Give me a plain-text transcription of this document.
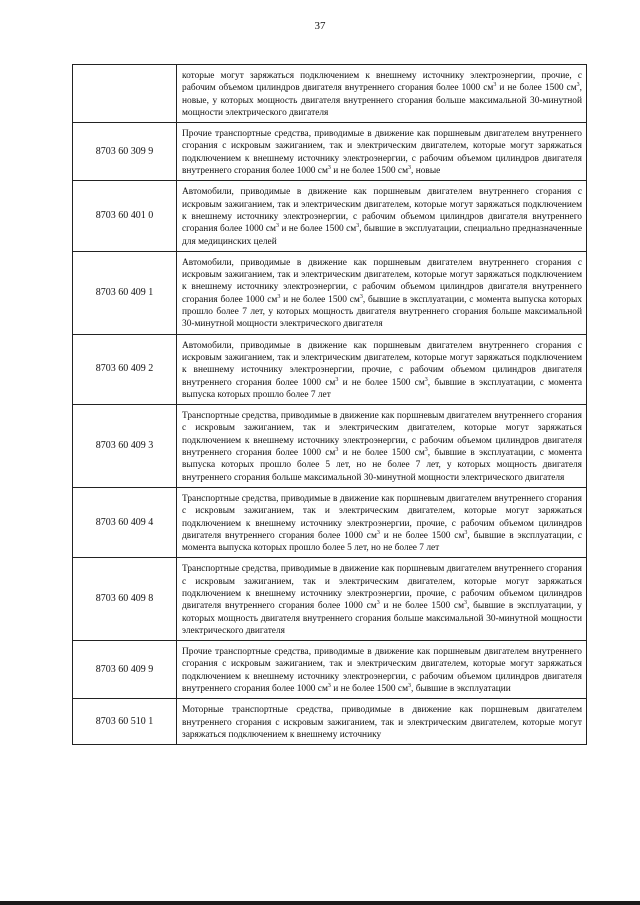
37
	которые могут заряжаться подключением к внешнему источнику электроэнергии, прочие, с рабочим объемом цилиндров двигателя внутреннего сгорания более 1000 $см^3$ и не более 1500 $см^3$, новые, у которых мощность двигателя внутреннего сгорания больше максимальной 30-минутной мощности электрического двигателя
8703 60 309 9	Прочие транспортные средства, приводимые в движение как поршневым двигателем внутреннего сгорания с искровым зажиганием, так и электрическим двигателем, которые могут заряжаться подключением к внешнему источнику электроэнергии, с рабочим объемом цилиндров двигателя внутреннего сгорания более 1000 $см^3$ и не более 1500 $см^3$, новые
8703 60 401 0	Автомобили, приводимые в движение как поршневым двигателем внутреннего сгорания с искровым зажиганием, так и электрическим двигателем, которые могут заряжаться подключением к внешнему источнику электроэнергии, с рабочим объемом цилиндров двигателя внутреннего сгорания более 1000 $см^3$ и не более 1500 $см^3$, бывшие в эксплуатации, специально предназначенные для медицинских целей
8703 60 409 1	Автомобили, приводимые в движение как поршневым двигателем внутреннего сгорания с искровым зажиганием, так и электрическим двигателем, которые могут заряжаться подключением к внешнему источнику электроэнергии, с рабочим объемом цилиндров двигателя внутреннего сгорания более 1000 $см^3$ и не более 1500 $см^3$, бывшие в эксплуатации, с момента выпуска которых прошло более 7 лет, у которых мощность двигателя внутреннего сгорания больше максимальной 30-минутной мощности электрического двигателя
8703 60 409 2	Автомобили, приводимые в движение как поршневым двигателем внутреннего сгорания с искровым зажиганием, так и электрическим двигателем, которые могут заряжаться подключением к внешнему источнику электроэнергии, прочие, с рабочим объемом цилиндров двигателя внутреннего сгорания более 1000 $см^3$ и не более 1500 $см^3$, бывшие в эксплуатации, с момента выпуска которых прошло более 7 лет
8703 60 409 3	Транспортные средства, приводимые в движение как поршневым двигателем внутреннего сгорания с искровым зажиганием, так и электрическим двигателем, которые могут заряжаться подключением к внешнему источнику электроэнергии, с рабочим объемом цилиндров двигателя внутреннего сгорания более 1000 $см^3$ и не более 1500 $см^3$, бывшие в эксплуатации, с момента выпуска которых прошло более 5 лет, но не более 7 лет, у которых мощность двигателя внутреннего сгорания больше максимальной 30-минутной мощности электрического двигателя
8703 60 409 4	Транспортные средства, приводимые в движение как поршневым двигателем внутреннего сгорания с искровым зажиганием, так и электрическим двигателем, которые могут заряжаться подключением к внешнему источнику электроэнергии, прочие, с рабочим объемом цилиндров двигателя внутреннего сгорания более 1000 $см^3$ и не более 1500 $см^3$, бывшие в эксплуатации, с момента выпуска которых прошло более 5 лет, но не более 7 лет
8703 60 409 8	Транспортные средства, приводимые в движение как поршневым двигателем внутреннего сгорания с искровым зажиганием, так и электрическим двигателем, которые могут заряжаться подключением к внешнему источнику электроэнергии, прочие, с рабочим объемом цилиндров двигателя внутреннего сгорания более 1000 $см^3$ и не более 1500 $см^3$, бывшие в эксплуатации, у которых мощность двигателя внутреннего сгорания больше максимальной 30-минутной мощности электрического двигателя
8703 60 409 9	Прочие транспортные средства, приводимые в движение как поршневым двигателем внутреннего сгорания с искровым зажиганием, так и электрическим двигателем, которые могут заряжаться подключением к внешнему источнику электроэнергии, с рабочим объемом цилиндров двигателя внутреннего сгорания более 1000 $см^3$ и не более 1500 $см^3$, бывшие в эксплуатации
8703 60 510 1	Моторные транспортные средства, приводимые в движение как поршневым двигателем внутреннего сгорания с искровым зажиганием, так и электрическим двигателем, которые могут заряжаться подключением к внешнему источнику
